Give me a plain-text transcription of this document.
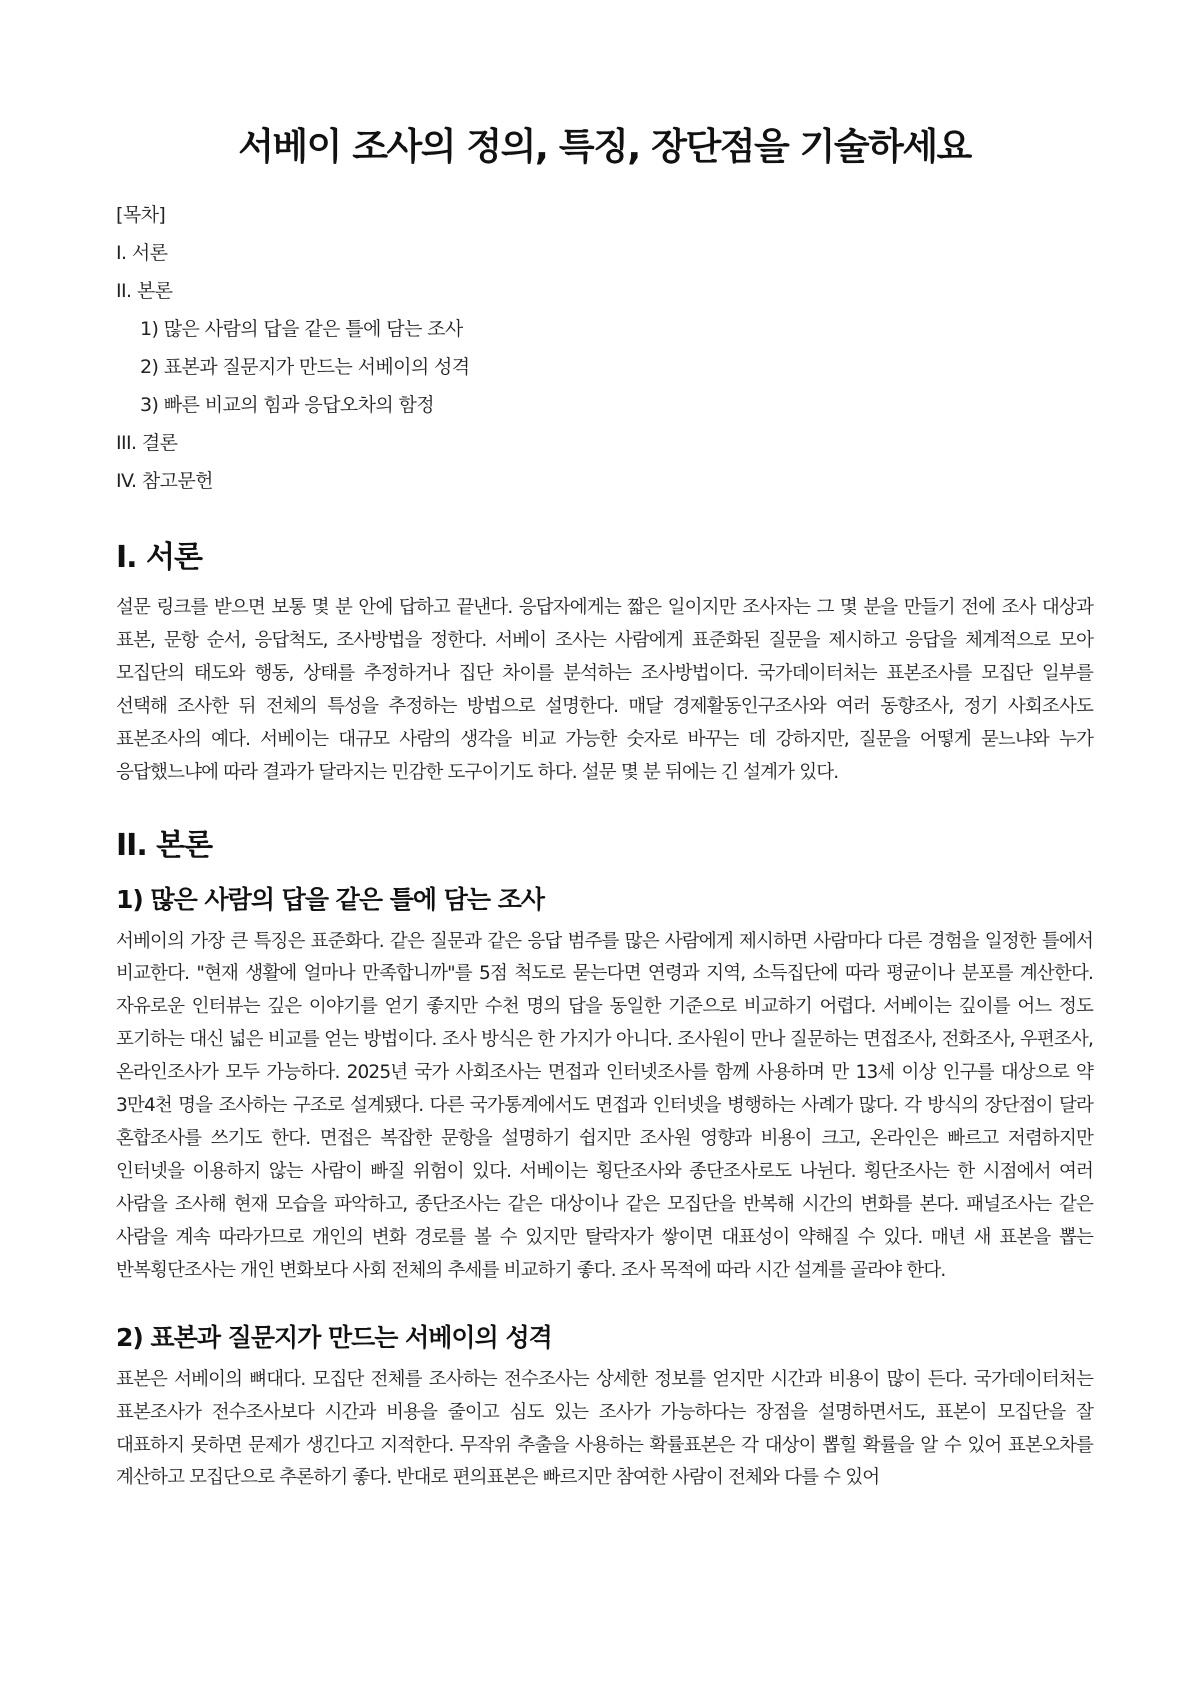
서베이 조사의 정의, 특징, 장단점을 기술하세요
[목차]
I. 서론
II. 본론
1) 많은 사람의 답을 같은 틀에 담는 조사
2) 표본과 질문지가 만드는 서베이의 성격
3) 빠른 비교의 힘과 응답오차의 함정
III. 결론
IV. 참고문헌
I. 서론

설문 링크를 받으면 보통 몇 분 안에 답하고 끝낸다. 응답자에게는 짧은 일이지만 조사자는 그 몇 분을 만들기 전에 조사 대상과 표본, 문항 순서, 응답척도, 조사방법을 정한다. 서베이 조사는 사람에게 표준화된 질문을 제시하고 응답을 체계적으로 모아 모집단의 태도와 행동, 상태를 추정하거나 집단 차이를 분석하는 조사방법이다. 국가데이터처는 표본조사를 모집단 일부를 선택해 조사한 뒤 전체의 특성을 추정하는 방법으로 설명한다. 매달 경제활동인구조사와 여러 동향조사, 정기 사회조사도 표본조사의 예다. 서베이는 대규모 사람의 생각을 비교 가능한 숫자로 바꾸는 데 강하지만, 질문을 어떻게 묻느냐와 누가 응답했느냐에 따라 결과가 달라지는 민감한 도구이기도 하다. 설문 몇 분 뒤에는 긴 설계가 있다.

II. 본론
1) 많은 사람의 답을 같은 틀에 담는 조사

서베이의 가장 큰 특징은 표준화다. 같은 질문과 같은 응답 범주를 많은 사람에게 제시하면 사람마다 다른 경험을 일정한 틀에서 비교한다. "현재 생활에 얼마나 만족합니까"를 5점 척도로 묻는다면 연령과 지역, 소득집단에 따라 평균이나 분포를 계산한다. 자유로운 인터뷰는 깊은 이야기를 얻기 좋지만 수천 명의 답을 동일한 기준으로 비교하기 어렵다. 서베이는 깊이를 어느 정도 포기하는 대신 넓은 비교를 얻는 방법이다. 조사 방식은 한 가지가 아니다. 조사원이 만나 질문하는 면접조사, 전화조사, 우편조사, 온라인조사가 모두 가능하다. 2025년 국가 사회조사는 면접과 인터넷조사를 함께 사용하며 만 13세 이상 인구를 대상으로 약 3만4천 명을 조사하는 구조로 설계됐다. 다른 국가통계에서도 면접과 인터넷을 병행하는 사례가 많다. 각 방식의 장단점이 달라 혼합조사를 쓰기도 한다. 면접은 복잡한 문항을 설명하기 쉽지만 조사원 영향과 비용이 크고, 온라인은 빠르고 저렴하지만 인터넷을 이용하지 않는 사람이 빠질 위험이 있다. 서베이는 횡단조사와 종단조사로도 나뉜다. 횡단조사는 한 시점에서 여러 사람을 조사해 현재 모습을 파악하고, 종단조사는 같은 대상이나 같은 모집단을 반복해 시간의 변화를 본다. 패널조사는 같은 사람을 계속 따라가므로 개인의 변화 경로를 볼 수 있지만 탈락자가 쌓이면 대표성이 약해질 수 있다. 매년 새 표본을 뽑는 반복횡단조사는 개인 변화보다 사회 전체의 추세를 비교하기 좋다. 조사 목적에 따라 시간 설계를 골라야 한다.

2) 표본과 질문지가 만드는 서베이의 성격

표본은 서베이의 뼈대다. 모집단 전체를 조사하는 전수조사는 상세한 정보를 얻지만 시간과 비용이 많이 든다. 국가데이터처는 표본조사가 전수조사보다 시간과 비용을 줄이고 심도 있는 조사가 가능하다는 장점을 설명하면서도, 표본이 모집단을 잘 대표하지 못하면 문제가 생긴다고 지적한다. 무작위 추출을 사용하는 확률표본은 각 대상이 뽑힐 확률을 알 수 있어 표본오차를 계산하고 모집단으로 추론하기 좋다. 반대로 편의표본은 빠르지만 참여한 사람이 전체와 다를 수 있어
